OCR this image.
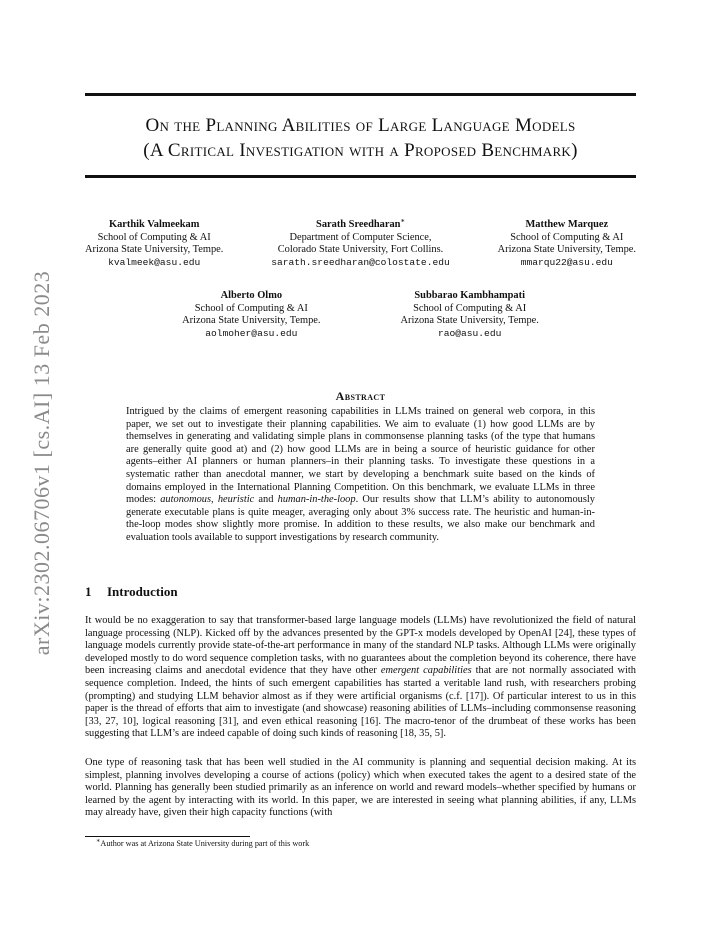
arXiv:2302.06706v1 [cs.AI] 13 Feb 2023
On the Planning Abilities of Large Language Models
(A Critical Investigation with a Proposed Benchmark)
Karthik Valmeekam
School of Computing & AI
Arizona State University, Tempe.
kvalmeek@asu.edu
Sarath Sreedharan∗
Department of Computer Science,
Colorado State University, Fort Collins.
sarath.sreedharan@colostate.edu
Matthew Marquez
School of Computing & AI
Arizona State University, Tempe.
mmarqu22@asu.edu
Alberto Olmo
School of Computing & AI
Arizona State University, Tempe.
aolmoher@asu.edu
Subbarao Kambhampati
School of Computing & AI
Arizona State University, Tempe.
rao@asu.edu
Abstract
Intrigued by the claims of emergent reasoning capabilities in LLMs trained on general web corpora, in this paper, we set out to investigate their planning capabilities. We aim to evaluate (1) how good LLMs are by themselves in generating and validating simple plans in commonsense planning tasks (of the type that humans are generally quite good at) and (2) how good LLMs are in being a source of heuristic guidance for other agents–either AI planners or human planners–in their planning tasks. To investigate these questions in a systematic rather than anecdotal manner, we start by developing a benchmark suite based on the kinds of domains employed in the International Planning Competition. On this benchmark, we evaluate LLMs in three modes: autonomous, heuristic and human-in-the-loop. Our results show that LLM’s ability to autonomously generate executable plans is quite meager, averaging only about 3% success rate. The heuristic and human-in-the-loop modes show slightly more promise. In addition to these results, we also make our benchmark and evaluation tools available to support investigations by research community.
1 Introduction
It would be no exaggeration to say that transformer-based large language models (LLMs) have revolutionized the field of natural language processing (NLP). Kicked off by the advances presented by the GPT-x models developed by OpenAI [24], these types of language models currently provide state-of-the-art performance in many of the standard NLP tasks. Although LLMs were originally developed mostly to do word sequence completion tasks, with no guarantees about the completion beyond its coherence, there have been increasing claims and anecdotal evidence that they have other emergent capabilities that are not normally associated with sequence completion. Indeed, the hints of such emergent capabilities has started a veritable land rush, with researchers probing (prompting) and studying LLM behavior almost as if they were artificial organisms (c.f. [17]). Of particular interest to us in this paper is the thread of efforts that aim to investigate (and showcase) reasoning abilities of LLMs–including commonsense reasoning [33, 27, 10], logical reasoning [31], and even ethical reasoning [16]. The macro-tenor of the drumbeat of these works has been suggesting that LLM’s are indeed capable of doing such kinds of reasoning [18, 35, 5].
One type of reasoning task that has been well studied in the AI community is planning and sequential decision making. At its simplest, planning involves developing a course of actions (policy) which when executed takes the agent to a desired state of the world. Planning has generally been studied primarily as an inference on world and reward models–whether specified by humans or learned by the agent by interacting with its world. In this paper, we are interested in seeing what planning abilities, if any, LLMs may already have, given their high capacity functions (with
∗Author was at Arizona State University during part of this work
